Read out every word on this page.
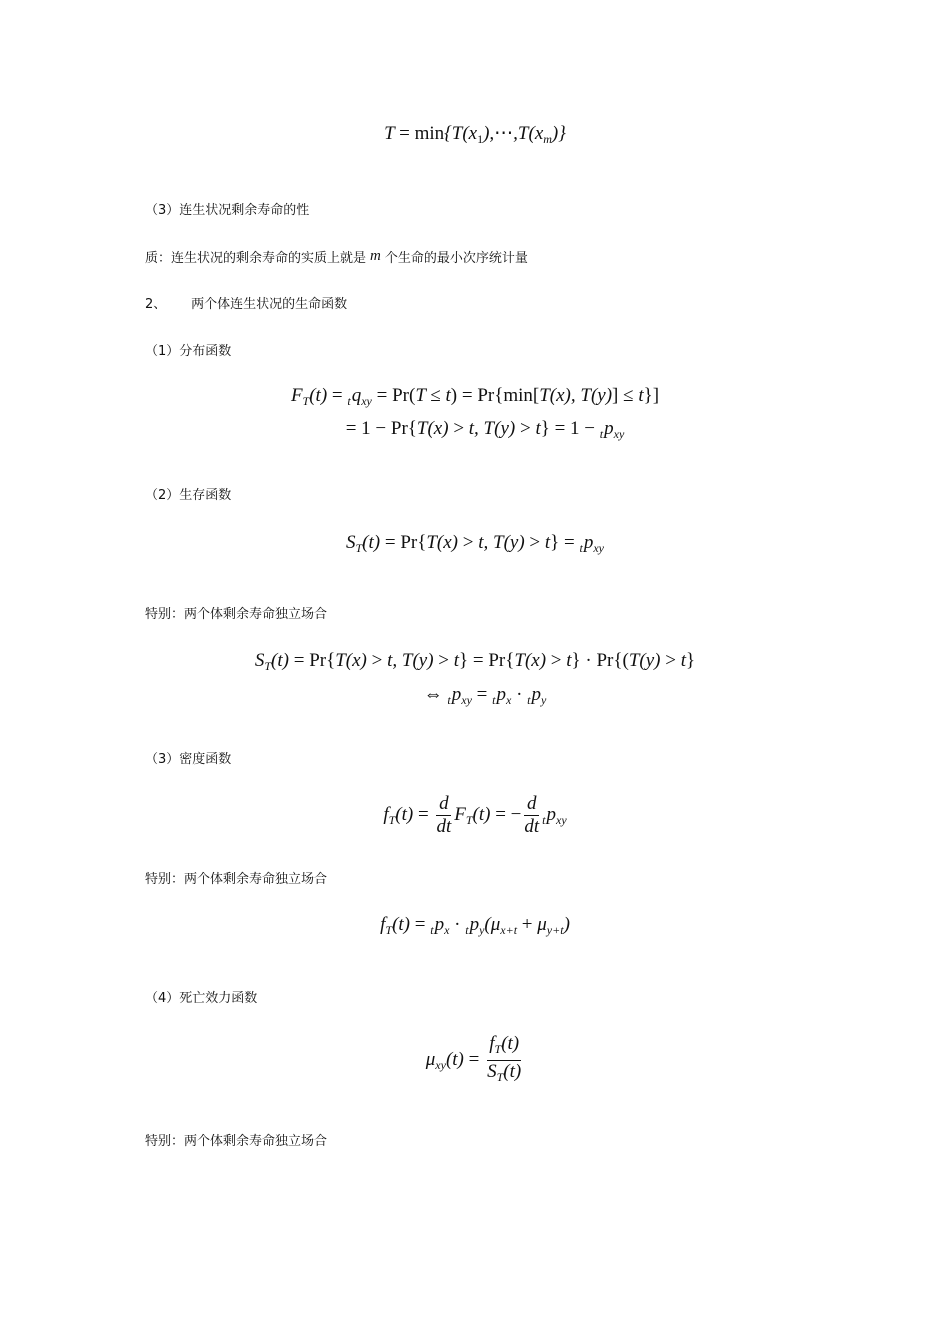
$T = \min\{T(x_1),\cdots,T(x_m)\}$
（3）连生状况剩余寿命的性
质：连生状况的剩余寿命的实质上就是 m 个生命的最小次序统计量
2、      两个体连生状况的生命函数
（1）分布函数
$F_T(t) = _tq_{xy} = Pr(T \le t) = Pr\{\min[T(x)$, T(y)] ≤ t}]
= 1 − Pr{T(x) > t, $T(y) > t\} = 1 - _tp_{xy}$
（2）生存函数
$S_T(t) = Pr\{T(x) > t$, $T(y) > t\} = _tp_{xy}$
特别：两个体剩余寿命独立场合
$S_T(t) = Pr\{T(x) > t$, T(y) > t} = Pr{T(x) > t} · Pr{(T(y) > t}
⇔ $_tp_{xy} = _tp_x \cdot _tp_y$
（3）密度函数
$f_T(t) = \frac{d}{dt} F_T(t)$ = − $\frac{d}{dt} _tp_{xy}$
特别：两个体剩余寿命独立场合
$f_T(t) = _tp_x \cdot _tp_y(\mu_{x+t} + \mu_{y+t})$
（4）死亡效力函数
$\mu_{xy}(t) = \frac{f_T(t)}{S_T(t)}$
特别：两个体剩余寿命独立场合
